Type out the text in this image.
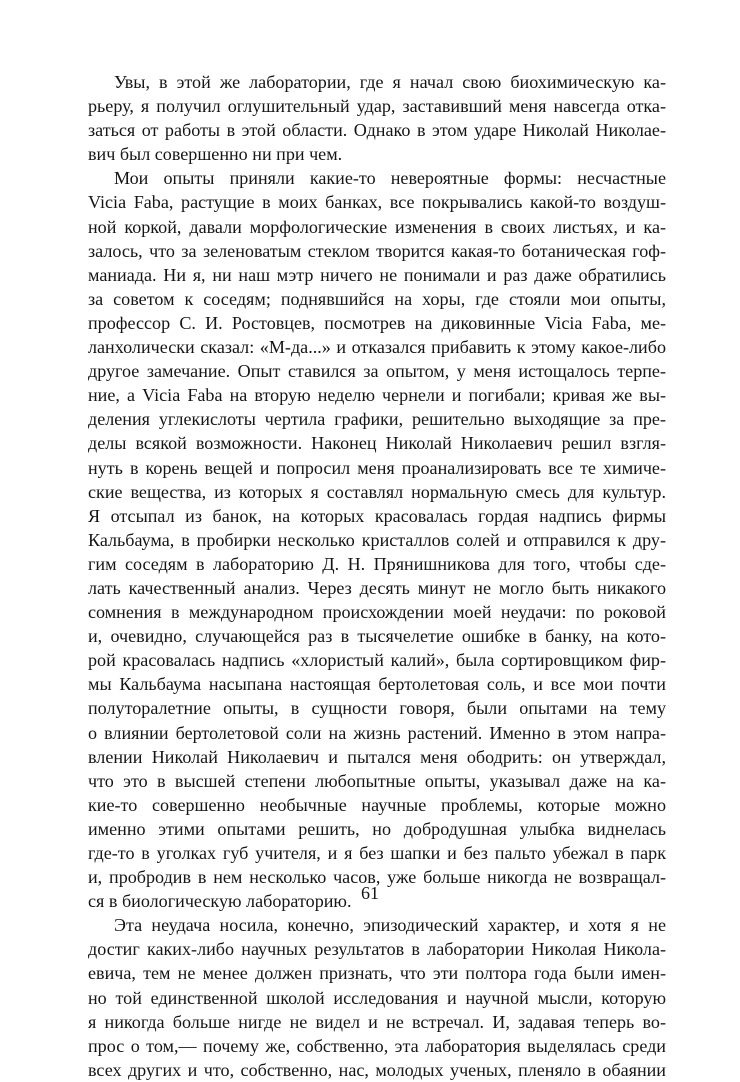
Увы, в этой же лаборатории, где я начал свою биохимическую ка-
рьеру, я получил оглушительный удар, заставивший меня навсегда отка-
заться от работы в этой области. Однако в этом ударе Николай Николае-
вич был совершенно ни при чем.
Мои опыты приняли какие-то невероятные формы: несчастные
Vicia Faba, растущие в моих банках, все покрывались какой-то воздуш-
ной коркой, давали морфологические изменения в своих листьях, и ка-
залось, что за зеленоватым стеклом творится какая-то ботаническая гоф-
маниада. Ни я, ни наш мэтр ничего не понимали и раз даже обратились
за советом к соседям; поднявшийся на хоры, где стояли мои опыты,
профессор С. И. Ростовцев, посмотрев на диковинные Vicia Faba, ме-
ланхолически сказал: «М-да...» и отказался прибавить к этому какое-либо
другое замечание. Опыт ставился за опытом, у меня истощалось терпе-
ние, а Vicia Faba на вторую неделю чернели и погибали; кривая же вы-
деления углекислоты чертила графики, решительно выходящие за пре-
делы всякой возможности. Наконец Николай Николаевич решил взгля-
нуть в корень вещей и попросил меня проанализировать все те химиче-
ские вещества, из которых я составлял нормальную смесь для культур.
Я отсыпал из банок, на которых красовалась гордая надпись фирмы
Кальбаума, в пробирки несколько кристаллов солей и отправился к дру-
гим соседям в лабораторию Д. Н. Прянишникова для того, чтобы сде-
лать качественный анализ. Через десять минут не могло быть никакого
сомнения в международном происхождении моей неудачи: по роковой
и, очевидно, случающейся раз в тысячелетие ошибке в банку, на кото-
рой красовалась надпись «хлористый калий», была сортировщиком фир-
мы Кальбаума насыпана настоящая бертолетовая соль, и все мои почти
полуторалетние опыты, в сущности говоря, были опытами на тему
о влиянии бертолетовой соли на жизнь растений. Именно в этом напра-
влении Николай Николаевич и пытался меня ободрить: он утверждал,
что это в высшей степени любопытные опыты, указывал даже на ка-
кие-то совершенно необычные научные проблемы, которые можно
именно этими опытами решить, но добродушная улыбка виднелась
где-то в уголках губ учителя, и я без шапки и без пальто убежал в парк
и, пробродив в нем несколько часов, уже больше никогда не возвращал-
ся в биологическую лабораторию.
Эта неудача носила, конечно, эпизодический характер, и хотя я не
достиг каких-либо научных результатов в лаборатории Николая Никола-
евича, тем не менее должен признать, что эти полтора года были имен-
но той единственной школой исследования и научной мысли, которую
я никогда больше нигде не видел и не встречал. И, задавая теперь во-
прос о том,— почему же, собственно, эта лаборатория выделялась среди
всех других и что, собственно, нас, молодых ученых, пленяло в обаянии
61
